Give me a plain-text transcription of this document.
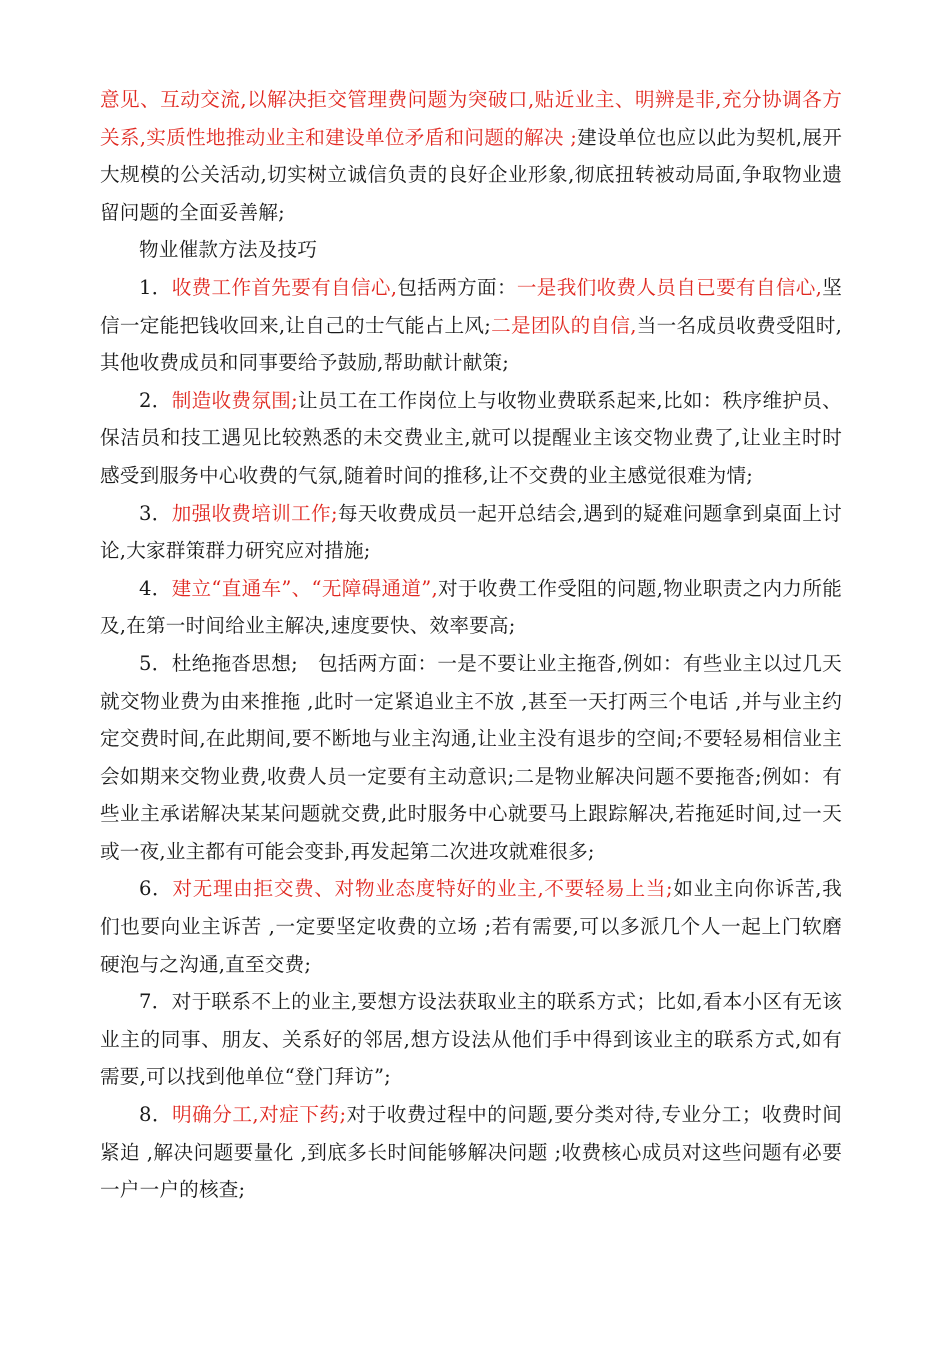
意见、互动交流,以解决拒交管理费问题为突破口,贴近业主、明辨是非,充分协调各方关系,实质性地推动业主和建设单位矛盾和问题的解决 ;建设单位也应以此为契机,展开大规模的公关活动,切实树立诚信负责的良好企业形象,彻底扭转被动局面,争取物业遗留问题的全面妥善解;

物业催款方法及技巧

1．收费工作首先要有自信心,包括两方面：一是我们收费人员自已要有自信心,坚信一定能把钱收回来,让自己的士气能占上风;二是团队的自信,当一名成员收费受阻时,其他收费成员和同事要给予鼓励,帮助献计献策;

2．制造收费氛围;让员工在工作岗位上与收物业费联系起来,比如：秩序维护员、保洁员和技工遇见比较熟悉的未交费业主,就可以提醒业主该交物业费了,让业主时时感受到服务中心收费的气氛,随着时间的推移,让不交费的业主感觉很难为情;

3．加强收费培训工作;每天收费成员一起开总结会,遇到的疑难问题拿到桌面上讨论,大家群策群力研究应对措施;

4．建立“直通车”、“无障碍通道”,对于收费工作受阻的问题,物业职责之内力所能及,在第一时间给业主解决,速度要快、效率要高;

5．杜绝拖沓思想;　包括两方面：一是不要让业主拖沓,例如：有些业主以过几天就交物业费为由来推拖 ,此时一定紧追业主不放 ,甚至一天打两三个电话 ,并与业主约定交费时间,在此期间,要不断地与业主沟通,让业主没有退步的空间;不要轻易相信业主会如期来交物业费,收费人员一定要有主动意识;二是物业解决问题不要拖沓;例如：有些业主承诺解决某某问题就交费,此时服务中心就要马上跟踪解决,若拖延时间,过一天或一夜,业主都有可能会变卦,再发起第二次进攻就难很多;

6．对无理由拒交费、对物业态度特好的业主,不要轻易上当;如业主向你诉苦,我们也要向业主诉苦 ,一定要坚定收费的立场 ;若有需要,可以多派几个人一起上门软磨硬泡与之沟通,直至交费;

7．对于联系不上的业主,要想方设法获取业主的联系方式；比如,看本小区有无该业主的同事、朋友、关系好的邻居,想方设法从他们手中得到该业主的联系方式,如有需要,可以找到他单位“登门拜访”;

8．明确分工,对症下药;对于收费过程中的问题,要分类对待,专业分工；收费时间紧迫 ,解决问题要量化 ,到底多长时间能够解决问题 ;收费核心成员对这些问题有必要一户一户的核查;
